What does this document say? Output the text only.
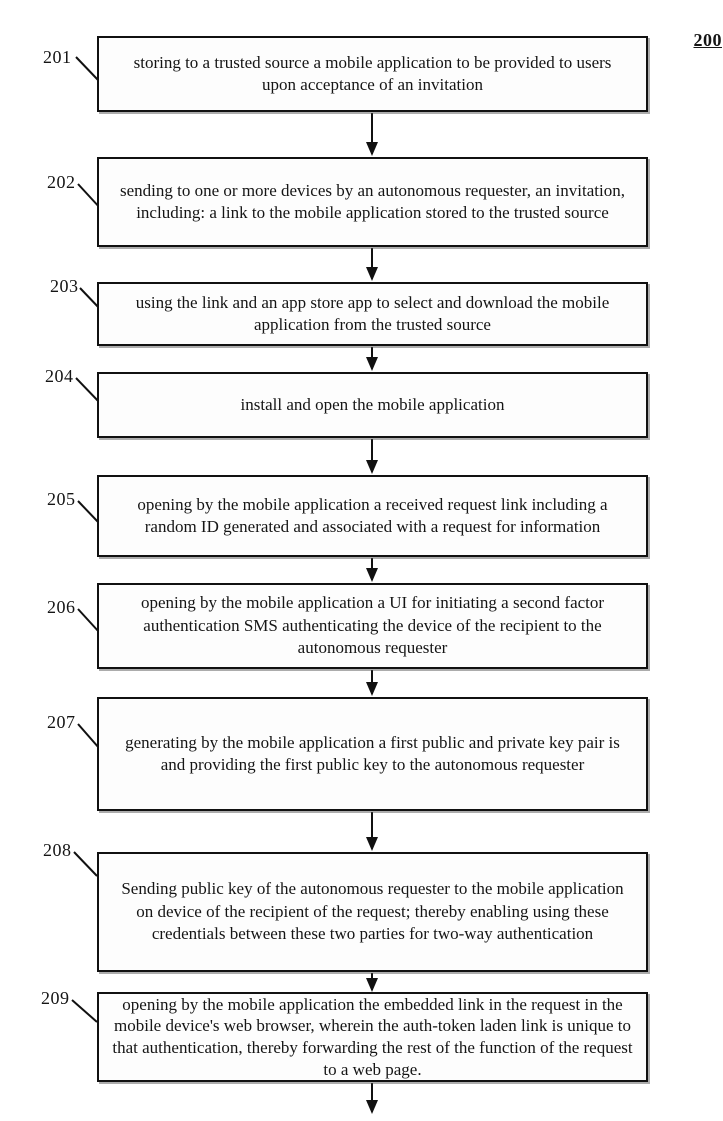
200
201
202
203
204
205
206
207
208
209
storing to a trusted source a mobile application to be provided to users upon acceptance of an invitation
sending to one or more devices by an autonomous requester, an invitation, including: a link to the mobile application stored to the trusted source
using the link and an app store app to select and download the mobile application from the trusted source
install and open the mobile application
opening by the mobile application a received request link including a random ID generated and associated with a request for information
opening by the mobile application a UI for initiating a second factor authentication SMS authenticating the device of the recipient to the autonomous requester
generating by the mobile application a first public and private key pair is and providing the first public key to the autonomous requester
Sending public key of the autonomous requester to the mobile application on device of the recipient of the request; thereby enabling using these credentials between these two parties for two-way authentication
opening by the mobile application the embedded link in the request in the mobile device's web browser, wherein the auth-token laden link is unique to that authentication, thereby forwarding the rest of the function of the request to a web page.
